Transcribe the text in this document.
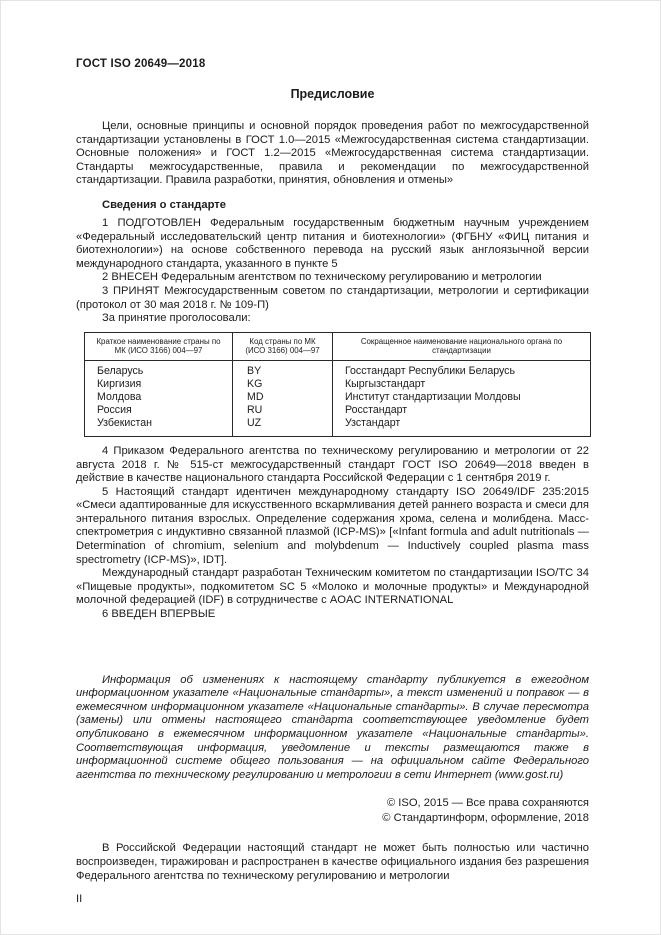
ГОСТ ISO 20649—2018
Предисловие

Цели, основные принципы и основной порядок проведения работ по межгосударственной стандартизации установлены в ГОСТ 1.0—2015 «Межгосударственная система стандартизации. Основные положения» и ГОСТ 1.2—2015 «Межгосударственная система стандартизации. Стандарты межгосударственные, правила и рекомендации по межгосударственной стандартизации. Правила разработки, принятия, обновления и отмены»

Сведения о стандарте

1 ПОДГОТОВЛЕН Федеральным государственным бюджетным научным учреждением «Федеральный исследовательский центр питания и биотехнологии» (ФГБНУ «ФИЦ питания и биотехнологии») на основе собственного перевода на русский язык англоязычной версии международного стандарта, указанного в пункте 5

2 ВНЕСЕН Федеральным агентством по техническому регулированию и метрологии

3 ПРИНЯТ Межгосударственным советом по стандартизации, метрологии и сертификации (протокол от 30 мая 2018 г. № 109-П)

За принятие проголосовали:

Краткое наименование страны по МК (ИСО 3166) 004—97	Код страны по МК (ИСО 3166) 004—97	Сокращенное наименование национального органа по стандартизации
Беларусь	BY	Госстандарт Республики Беларусь
Киргизия	KG	Кыргызстандарт
Молдова	MD	Институт стандартизации Молдовы
Россия	RU	Росстандарт
Узбекистан	UZ	Узстандарт

4 Приказом Федерального агентства по техническому регулированию и метрологии от 22 августа 2018 г. № 515-ст межгосударственный стандарт ГОСТ ISO 20649—2018 введен в действие в качестве национального стандарта Российской Федерации с 1 сентября 2019 г.

5 Настоящий стандарт идентичен международному стандарту ISO 20649/IDF 235:2015 «Смеси адаптированные для искусственного вскармливания детей раннего возраста и смеси для энтерального питания взрослых. Определение содержания хрома, селена и молибдена. Масс-спектрометрия с индуктивно связанной плазмой (ICP-MS)» [«Infant formula and adult nutritionals — Determination of chromium, selenium and molybdenum — Inductively coupled plasma mass spectrometry (ICP-MS)», IDT].

Международный стандарт разработан Техническим комитетом по стандартизации ISO/TC 34 «Пищевые продукты», подкомитетом SC 5 «Молоко и молочные продукты» и Международной молочной федерацией (IDF) в сотрудничестве с AOAC INTERNATIONAL

6 ВВЕДЕН ВПЕРВЫЕ

Информация об изменениях к настоящему стандарту публикуется в ежегодном информационном указателе «Национальные стандарты», а текст изменений и поправок — в ежемесячном информационном указателе «Национальные стандарты». В случае пересмотра (замены) или отмены настоящего стандарта соответствующее уведомление будет опубликовано в ежемесячном информационном указателе «Национальные стандарты». Соответствующая информация, уведомление и тексты размещаются также в информационной системе общего пользования — на официальном сайте Федерального агентства по техническому регулированию и метрологии в сети Интернет (www.gost.ru)

© ISO, 2015 — Все права сохраняются
© Стандартинформ, оформление, 2018

В Российской Федерации настоящий стандарт не может быть полностью или частично воспроизведен, тиражирован и распространен в качестве официального издания без разрешения Федерального агентства по техническому регулированию и метрологии

II
